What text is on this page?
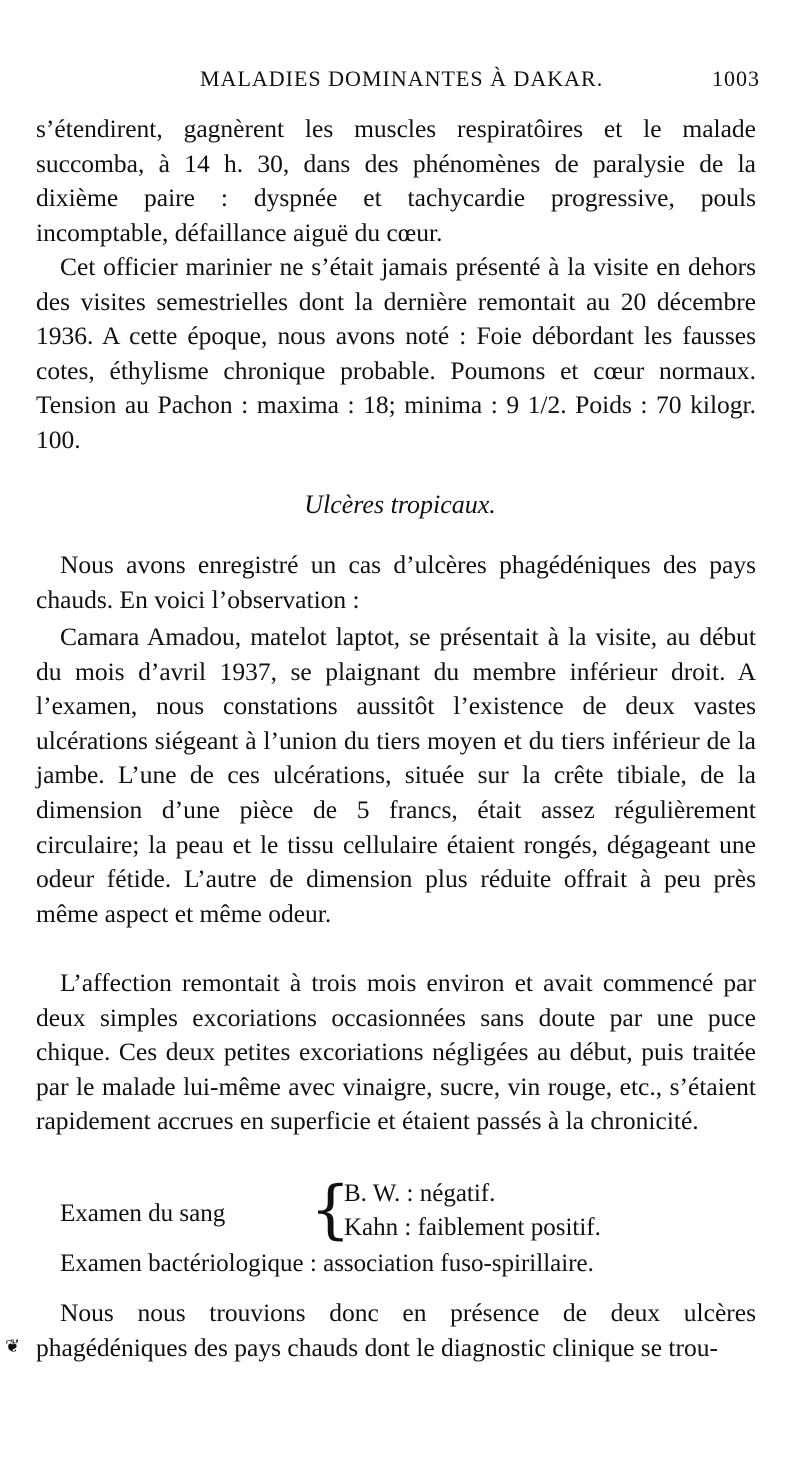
MALADIES DOMINANTES À DAKAR.	1003
s’étendirent, gagnèrent les muscles respiratôires et le malade succomba, à 14 h. 30, dans des phénomènes de paralysie de la dixième paire : dyspnée et tachycardie progressive, pouls incomptable, défaillance aiguë du cœur.
Cet officier marinier ne s’était jamais présenté à la visite en dehors des visites semestrielles dont la dernière remontait au 20 décembre 1936. A cette époque, nous avons noté : Foie débordant les fausses cotes, éthylisme chronique probable. Poumons et cœur normaux. Tension au Pachon : maxima : 18; minima : 9 1/2. Poids : 70 kilogr. 100.
Ulcères tropicaux.
Nous avons enregistré un cas d’ulcères phagédéniques des pays chauds. En voici l’observation :
Camara Amadou, matelot laptot, se présentait à la visite, au début du mois d’avril 1937, se plaignant du membre inférieur droit. A l’examen, nous constations aussitôt l’existence de deux vastes ulcérations siégeant à l’union du tiers moyen et du tiers inférieur de la jambe. L’une de ces ulcérations, située sur la crête tibiale, de la dimension d’une pièce de 5 francs, était assez régulièrement circulaire; la peau et le tissu cellulaire étaient rongés, dégageant une odeur fétide. L’autre de dimension plus réduite offrait à peu près même aspect et même odeur.
L’affection remontait à trois mois environ et avait commencé par deux simples excoriations occasionnées sans doute par une puce chique. Ces deux petites excoriations négligées au début, puis traitée par le malade lui-même avec vinaigre, sucre, vin rouge, etc., s’étaient rapidement accrues en superficie et étaient passés à la chronicité.
Examen du sang {
B. W. : négatif.
Kahn : faiblement positif.
Examen bactériologique : association fuso-spirillaire.
Nous nous trouvions donc en présence de deux ulcères phagédéniques des pays chauds dont le diagnostic clinique se trou-
❦
